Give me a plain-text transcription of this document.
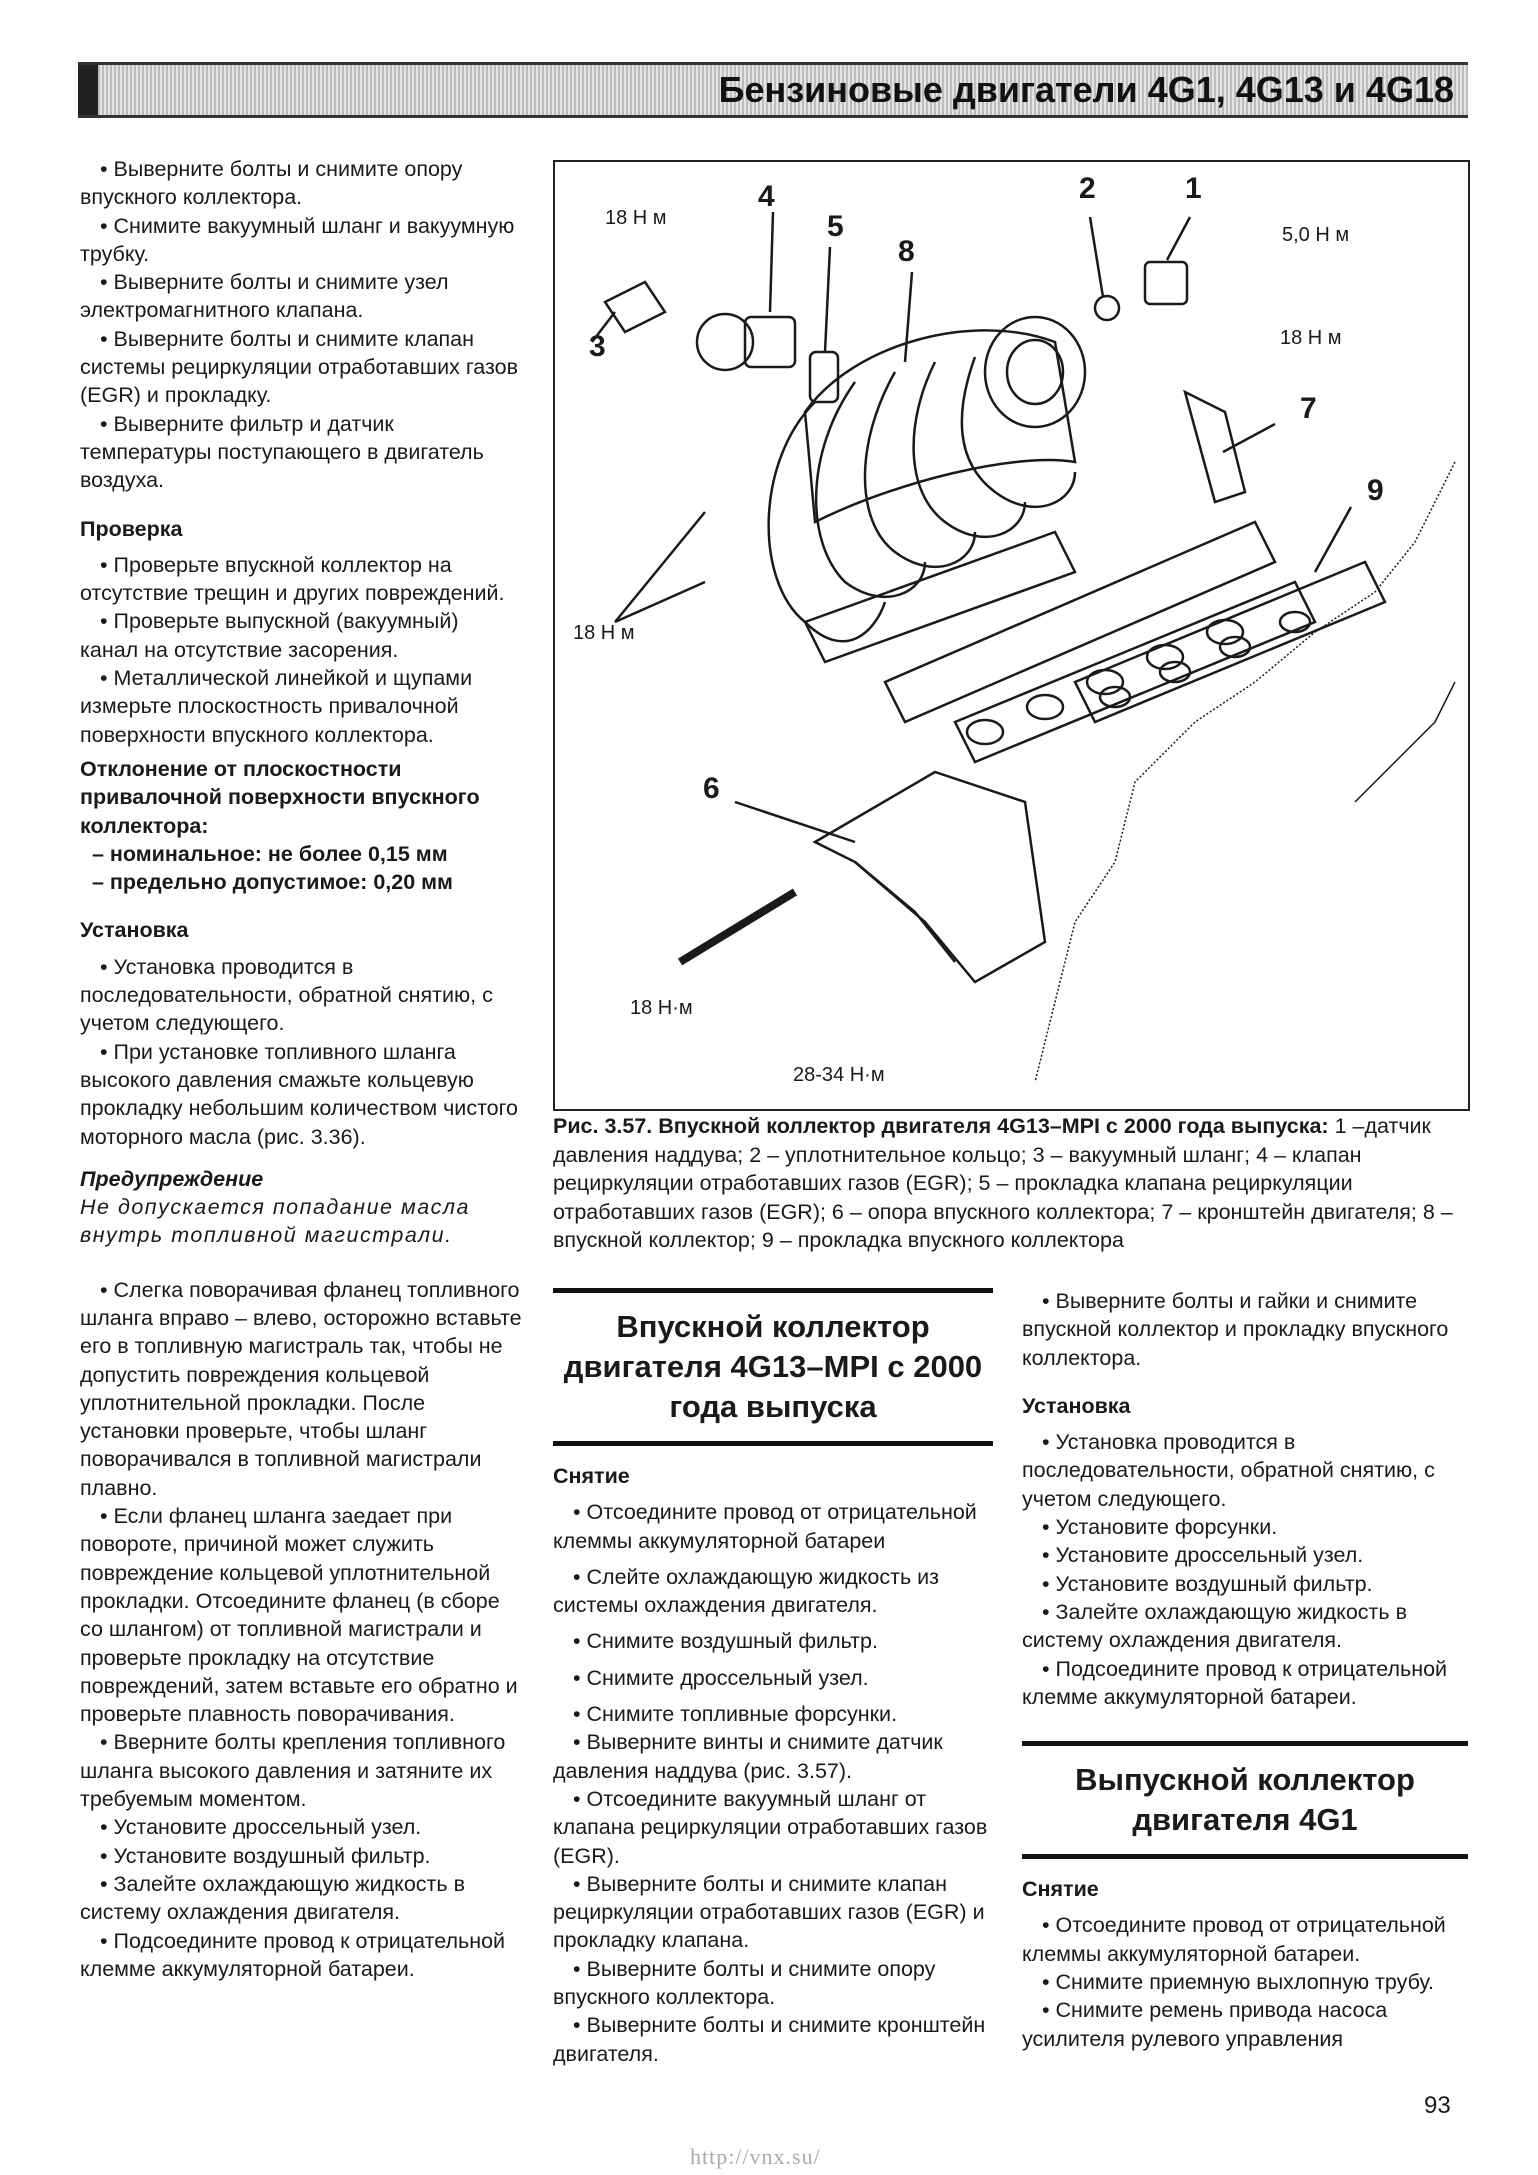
Бензиновые двигатели 4G1, 4G13 и 4G18

• Выверните болты и снимите опору впускного коллектора.

• Снимите вакуумный шланг и вакуумную трубку.

• Выверните болты и снимите узел электромагнитного клапана.

• Выверните болты и снимите клапан системы рециркуляции отработавших газов (EGR) и прокладку.

• Выверните фильтр и датчик температуры поступающего в двигатель воздуха.

Проверка

• Проверьте впускной коллектор на отсутствие трещин и других повреждений.

• Проверьте выпускной (вакуумный) канал на отсутствие засорения.

• Металлической линейкой и щупами измерьте плоскостность привалочной поверхности впускного коллектора.

Отклонение от плоскостности привалочной поверхности впускного коллектора:

– номинальное: не более 0,15 мм

– предельно допустимое: 0,20 мм

Установка

• Установка проводится в последовательности, обратной снятию, с учетом следующего.

• При установке топливного шланга высокого давления смажьте кольцевую прокладку небольшим количеством чистого моторного масла (рис. 3.36).

Предупреждение

Не допускается попадание масла внутрь топливной магистрали.

• Слегка поворачивая фланец топливного шланга вправо – влево, осторожно вставьте его в топливную магистраль так, чтобы не допустить повреждения кольцевой уплотнительной прокладки. После установки проверьте, чтобы шланг поворачивался в топливной магистрали плавно.

• Если фланец шланга заедает при повороте, причиной может служить повреждение кольцевой уплотнительной прокладки. Отсоедините фланец (в сборе со шлангом) от топливной магистрали и проверьте прокладку на отсутствие повреждений, затем вставьте его обратно и проверьте плавность поворачивания.

• Вверните болты крепления топливного шланга высокого давления и затяните их требуемым моментом.

• Установите дроссельный узел.

• Установите воздушный фильтр.

• Залейте охлаждающую жидкость в систему охлаждения двигателя.

• Подсоедините провод к отрицательной клемме аккумуляторной батареи.

4
5
8
2	1
3
7
9
6
18 Н м
5,0 Н м
18 Н м
18 Н м
18 Н·м
28-34 Н·м
Рис. 3.57. Впускной коллектор двигателя 4G13–MPI с 2000 года выпуска: 1 –датчик давления наддува; 2 – уплотнительное кольцо; 3 – вакуумный шланг; 4 – клапан рециркуляции отработавших газов (EGR); 5 – прокладка клапана рециркуляции отработавших газов (EGR); 6 – опора впускного коллектора; 7 – кронштейн двигателя; 8 – впускной коллектор; 9 – прокладка впускного коллектора
Впускной коллектор двигателя 4G13–MPI с 2000 года выпуска
Снятие

• Отсоедините провод от отрицательной клеммы аккумуляторной батареи

• Слейте охлаждающую жидкость из системы охлаждения двигателя.

• Снимите воздушный фильтр.

• Снимите дроссельный узел.

• Снимите топливные форсунки.

• Выверните винты и снимите датчик давления наддува (рис. 3.57).

• Отсоедините вакуумный шланг от клапана рециркуляции отработавших газов (EGR).

• Выверните болты и снимите клапан рециркуляции отработавших газов (EGR) и прокладку клапана.

• Выверните болты и снимите опору впускного коллектора.

• Выверните болты и снимите кронштейн двигателя.

• Выверните болты и гайки и снимите впускной коллектор и прокладку впускного коллектора.

Установка

• Установка проводится в последовательности, обратной снятию, с учетом следующего.

• Установите форсунки.

• Установите дроссельный узел.

• Установите воздушный фильтр.

• Залейте охлаждающую жидкость в систему охлаждения двигателя.

• Подсоедините провод к отрицательной клемме аккумуляторной батареи.

Выпускной коллектор двигателя 4G1
Снятие

• Отсоедините провод от отрицательной клеммы аккумуляторной батареи.

• Снимите приемную выхлопную трубу.

• Снимите ремень привода насоса усилителя рулевого управления

93
http://vnx.su/
